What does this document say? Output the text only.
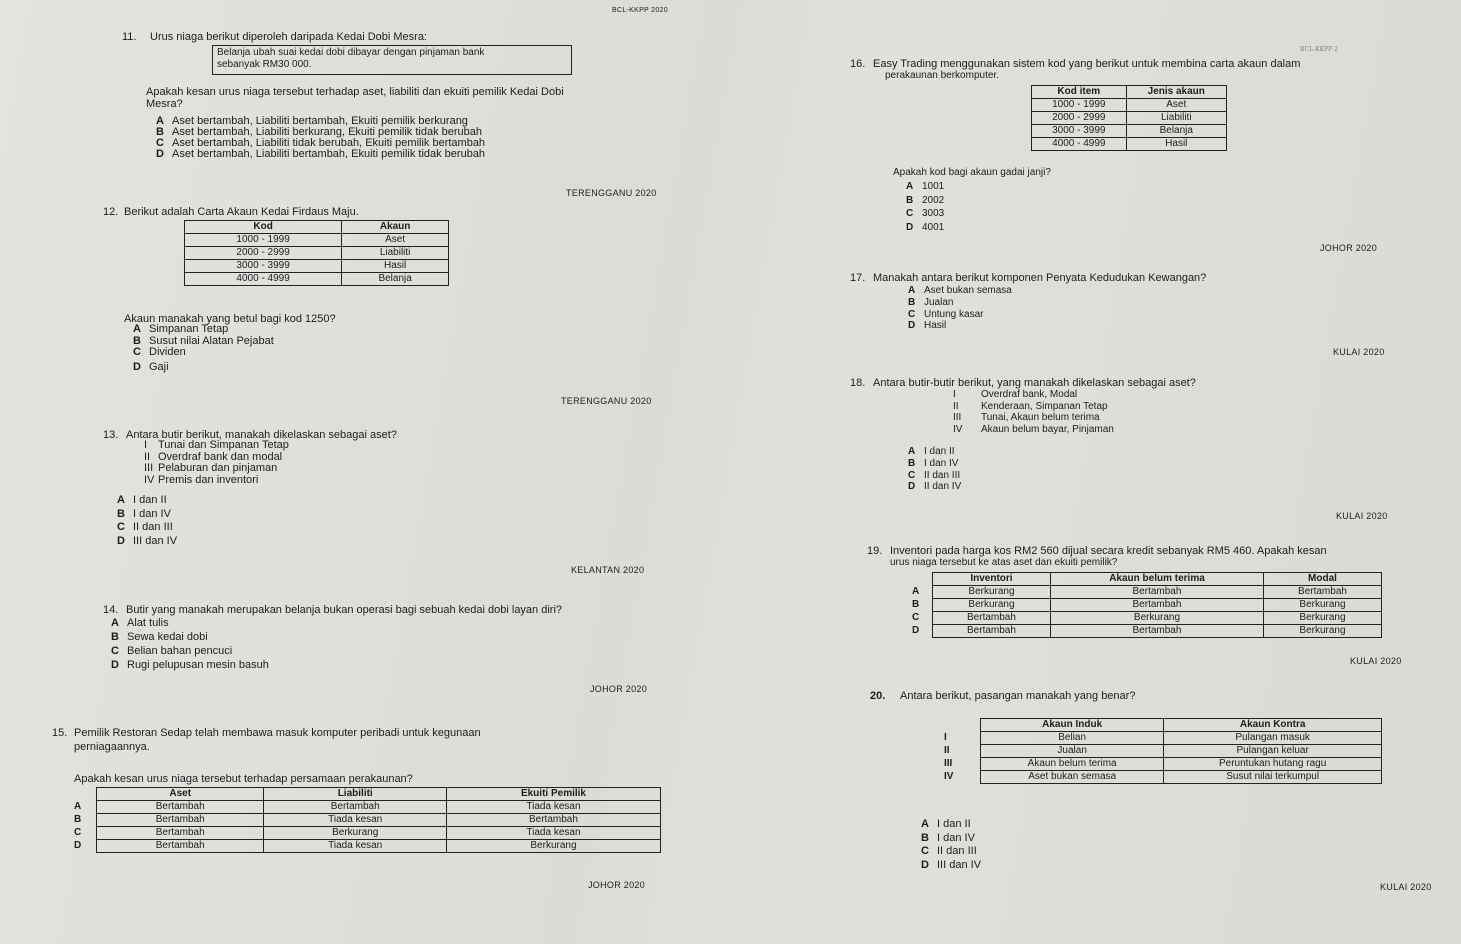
BCL-KKPP 2020
BCL-KKPP 2
11. Urus niaga berikut diperoleh daripada Kedai Dobi Mesra:
Belanja ubah suai kedai dobi dibayar dengan pinjaman bank
sebanyak RM30 000.
Apakah kesan urus niaga tersebut terhadap aset, liabiliti dan ekuiti pemilik Kedai Dobi
Mesra?
A Aset bertambah, Liabiliti bertambah, Ekuiti pemilik berkurang
B Aset bertambah, Liabiliti berkurang, Ekuiti pemilik tidak berubah
C Aset bertambah, Liabiliti tidak berubah, Ekuiti pemilik bertambah
D Aset bertambah, Liabiliti bertambah, Ekuiti pemilik tidak berubah
TERENGGANU 2020
12. Berikut adalah Carta Akaun Kedai Firdaus Maju.
Kod	Akaun
1000 - 1999	Aset
2000 - 2999	Liabiliti
3000 - 3999	Hasil
4000 - 4999	Belanja
Akaun manakah yang betul bagi kod 1250?
A Simpanan Tetap
B Susut nilai Alatan Pejabat
C Dividen
D Gaji
TERENGGANU 2020
13. Antara butir berikut, manakah dikelaskan sebagai aset?
I Tunai dan Simpanan Tetap
II Overdraf bank dan modal
III Pelaburan dan pinjaman
IV Premis dan inventori
A I dan II
B I dan IV
C II dan III
D III dan IV
KELANTAN 2020
14. Butir yang manakah merupakan belanja bukan operasi bagi sebuah kedai dobi layan diri?
A Alat tulis
B Sewa kedai dobi
C Belian bahan pencuci
D Rugi pelupusan mesin basuh
JOHOR 2020
15. Pemilik Restoran Sedap telah membawa masuk komputer peribadi untuk kegunaan
perniagaannya.
Apakah kesan urus niaga tersebut terhadap persamaan perakaunan?
	Aset	Liabiliti	Ekuiti Pemilik
A	Bertambah	Bertambah	Tiada kesan
B	Bertambah	Tiada kesan	Bertambah
C	Bertambah	Berkurang	Tiada kesan
D	Bertambah	Tiada kesan	Berkurang
JOHOR 2020
16. Easy Trading menggunakan sistem kod yang berikut untuk membina carta akaun dalam
perakaunan berkomputer.
Kod item	Jenis akaun
1000 - 1999	Aset
2000 - 2999	Liabiliti
3000 - 3999	Belanja
4000 - 4999	Hasil
Apakah kod bagi akaun gadai janji?
A 1001
B 2002
C 3003
D 4001
JOHOR 2020
17. Manakah antara berikut komponen Penyata Kedudukan Kewangan?
A Aset bukan semasa
B Jualan
C Untung kasar
D Hasil
KULAI 2020
18. Antara butir-butir berikut, yang manakah dikelaskan sebagai aset?
I	Overdraf bank, Modal
II Kenderaan, Simpanan Tetap
III Tunai, Akaun belum terima
IV Akaun belum bayar, Pinjaman
A I dan II
B I dan IV
C II dan III
D II dan IV
KULAI 2020
19. Inventori pada harga kos RM2 560 dijual secara kredit sebanyak RM5 460. Apakah kesan
urus niaga tersebut ke atas aset dan ekuiti pemilik?
	Inventori	Akaun belum terima	Modal
A	Berkurang	Bertambah	Bertambah
B	Berkurang	Bertambah	Berkurang
C	Bertambah	Berkurang	Berkurang
D	Bertambah	Bertambah	Berkurang
KULAI 2020
20. Antara berikut, pasangan manakah yang benar?
	Akaun Induk	Akaun Kontra
I	Belian	Pulangan masuk
II	Jualan	Pulangan keluar
III	Akaun belum terima	Peruntukan hutang ragu
IV	Aset bukan semasa	Susut nilai terkumpul
A I dan II
B I dan IV
C II dan III
D III dan IV
KULAI 2020
